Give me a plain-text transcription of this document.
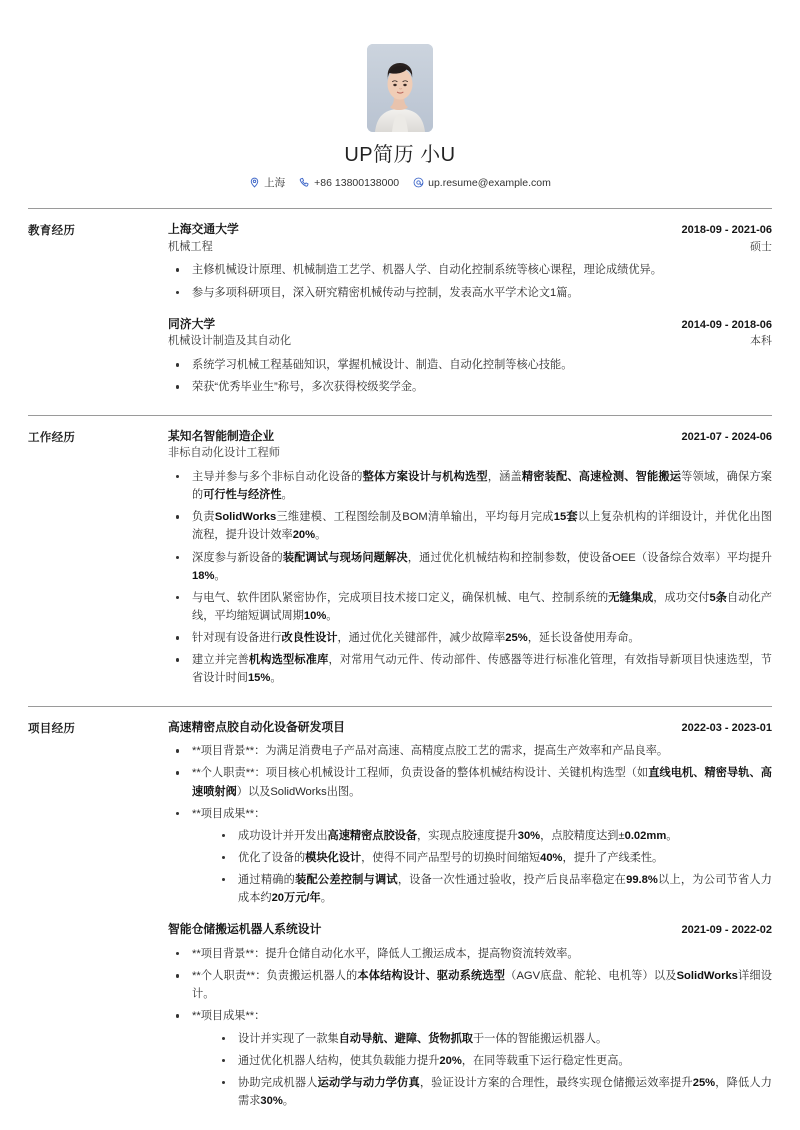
UP简历 小U
上海	+86 13800138000	up.resume@example.com
教育经历	上海交通大学	2018-09 - 2021-06
机械工程	硕士
主修机械设计原理、机械制造工艺学、机器人学、自动化控制系统等核心课程，理论成绩优异。
参与多项科研项目，深入研究精密机械传动与控制，发表高水平学术论文1篇。
同济大学	2014-09 - 2018-06
机械设计制造及其自动化	本科
系统学习机械工程基础知识，掌握机械设计、制造、自动化控制等核心技能。
荣获“优秀毕业生”称号，多次获得校级奖学金。
工作经历	某知名智能制造企业	2021-07 - 2024-06
非标自动化设计工程师
主导并参与多个非标自动化设备的整体方案设计与机构选型，涵盖精密装配、高速检测、智能搬运等领域，确保方案的可行性与经济性。
负责SolidWorks三维建模、工程图绘制及BOM清单输出，平均每月完成15套以上复杂机构的详细设计，并优化出图流程，提升设计效率20%。
深度参与新设备的装配调试与现场问题解决，通过优化机械结构和控制参数，使设备OEE（设备综合效率）平均提升18%。
与电气、软件团队紧密协作，完成项目技术接口定义，确保机械、电气、控制系统的无缝集成，成功交付5条自动化产线，平均缩短调试周期10%。
针对现有设备进行改良性设计，通过优化关键部件，减少故障率25%，延长设备使用寿命。
建立并完善机构选型标准库，对常用气动元件、传动部件、传感器等进行标准化管理，有效指导新项目快速选型，节省设计时间15%。
项目经历	高速精密点胶自动化设备研发项目	2022-03 - 2023-01
**项目背景**：为满足消费电子产品对高速、高精度点胶工艺的需求，提高生产效率和产品良率。
**个人职责**：项目核心机械设计工程师，负责设备的整体机械结构设计、关键机构选型（如直线电机、精密导轨、高速喷射阀）以及SolidWorks出图。
**项目成果**：
成功设计并开发出高速精密点胶设备，实现点胶速度提升30%，点胶精度达到±0.02mm。
优化了设备的模块化设计，使得不同产品型号的切换时间缩短40%，提升了产线柔性。
通过精确的装配公差控制与调试，设备一次性通过验收，投产后良品率稳定在99.8%以上，为公司节省人力成本约20万元/年。
智能仓储搬运机器人系统设计	2021-09 - 2022-02
**项目背景**：提升仓储自动化水平，降低人工搬运成本，提高物资流转效率。
**个人职责**：负责搬运机器人的本体结构设计、驱动系统选型（AGV底盘、舵轮、电机等）以及SolidWorks详细设计。
**项目成果**：
设计并实现了一款集自动导航、避障、货物抓取于一体的智能搬运机器人。
通过优化机器人结构，使其负载能力提升20%，在同等载重下运行稳定性更高。
协助完成机器人运动学与动力学仿真，验证设计方案的合理性，最终实现仓储搬运效率提升25%，降低人力需求30%。
